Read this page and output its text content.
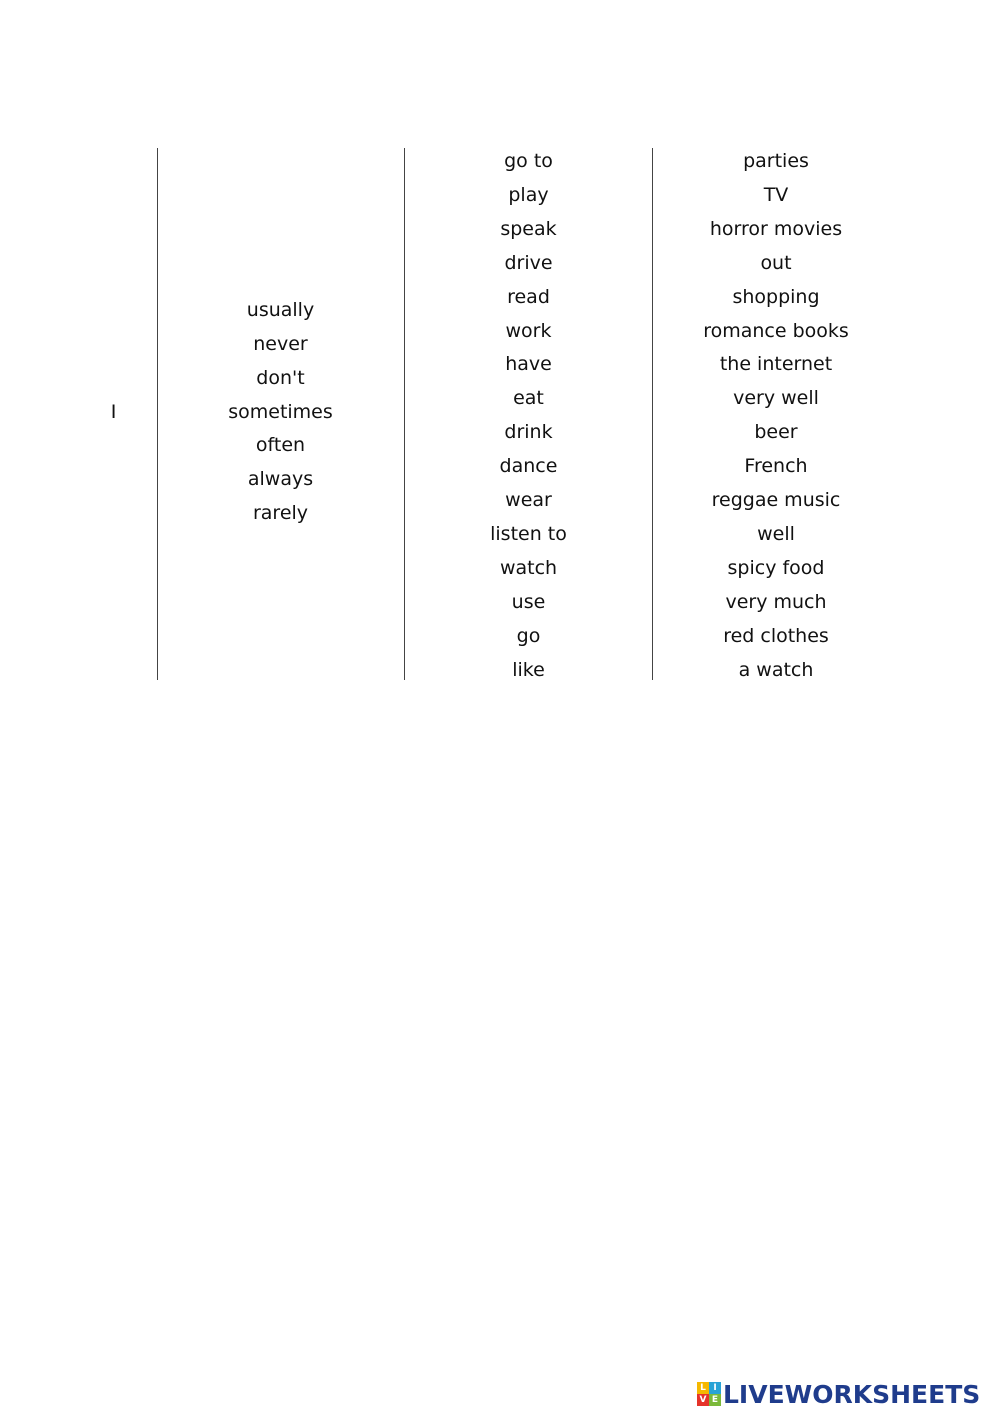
I
usually
never
don't
sometimes
often
always
rarely
go to
play
speak
drive
read
work
have
eat
drink
dance
wear
listen to
watch
use
go
like
parties
TV
horror movies
out
shopping
romance books
the internet
very well
beer
French
reggae music
well
spicy food
very much
red clothes
a watch
L I
V E LIVEWORKSHEETS
